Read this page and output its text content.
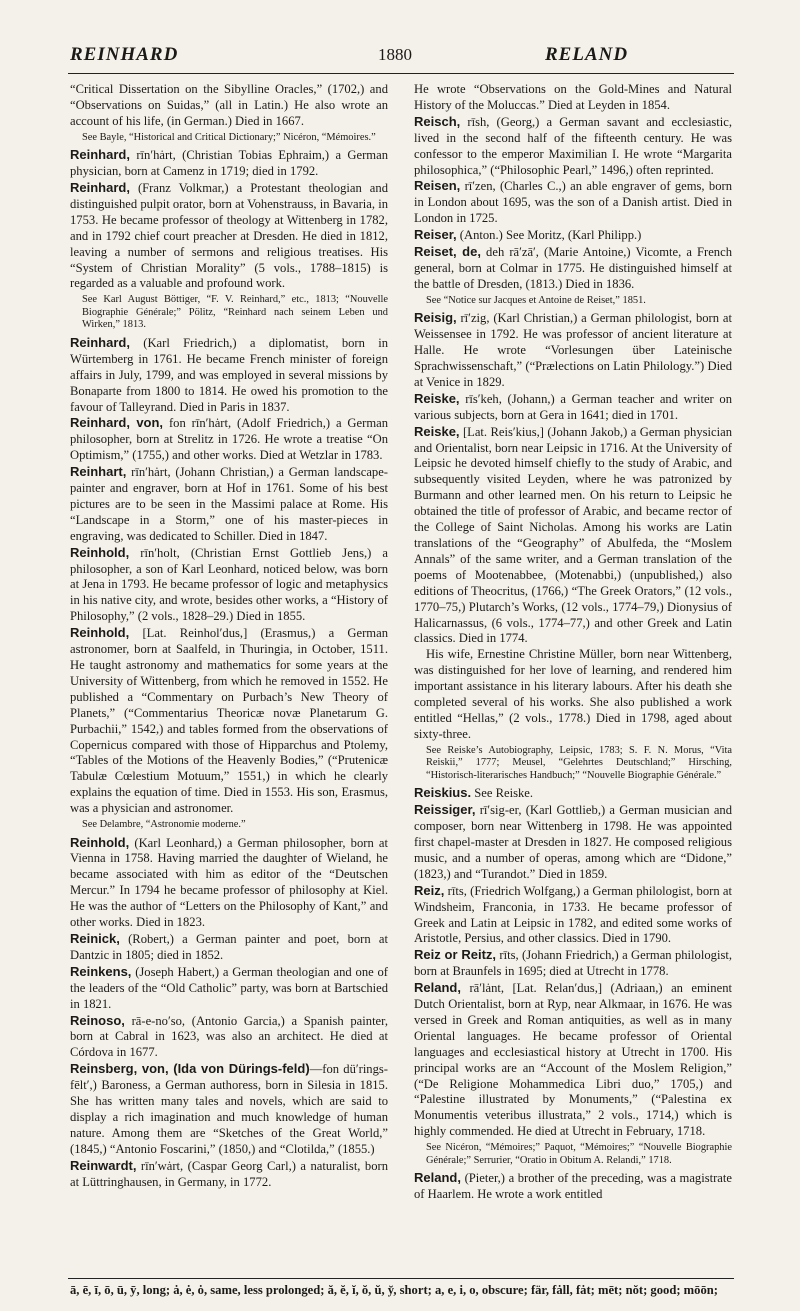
REINHARD	1880	RELAND

“Critical Dissertation on the Sibylline Oracles,” (1702,) and “Observations on Suidas,” (all in Latin.) He also wrote an account of his life, (in German.) Died in 1667.

See Bayle, “Historical and Critical Dictionary;” Nicéron, “Mémoires.”

Reinhard, rīn′hȧrt, (Christian Tobias Ephraim,) a German physician, born at Camenz in 1719; died in 1792.

Reinhard, (Franz Volkmar,) a Protestant theologian and distinguished pulpit orator, born at Vohenstrauss, in Bavaria, in 1753. He became professor of theology at Wittenberg in 1782, and in 1792 chief court preacher at Dresden. He died in 1812, leaving a number of sermons and religious treatises. His “System of Christian Morality” (5 vols., 1788–1815) is regarded as a valuable and profound work.

See Karl August Böttiger, “F. V. Reinhard,” etc., 1813; “Nouvelle Biographie Générale;” Pölitz, “Reinhard nach seinem Leben und Wirken,” 1813.

Reinhard, (Karl Friedrich,) a diplomatist, born in Würtemberg in 1761. He became French minister of foreign affairs in July, 1799, and was employed in several missions by Bonaparte from 1800 to 1814. He owed his promotion to the favour of Talleyrand. Died in Paris in 1837.

Reinhard, von, fon rīn′hȧrt, (Adolf Friedrich,) a German philosopher, born at Strelitz in 1726. He wrote a treatise “On Optimism,” (1755,) and other works. Died at Wetzlar in 1783.

Reinhart, rīn′hȧrt, (Johann Christian,) a German landscape-painter and engraver, born at Hof in 1761. Some of his best pictures are to be seen in the Massimi palace at Rome. His “Landscape in a Storm,” one of his master-pieces in engraving, was dedicated to Schiller. Died in 1847.

Reinhold, rīn′holt, (Christian Ernst Gottlieb Jens,) a philosopher, a son of Karl Leonhard, noticed below, was born at Jena in 1793. He became professor of logic and metaphysics in his native city, and wrote, besides other works, a “History of Philosophy,” (2 vols., 1828–29.) Died in 1855.

Reinhold, [Lat. Reinhol′dus,] (Erasmus,) a German astronomer, born at Saalfeld, in Thuringia, in October, 1511. He taught astronomy and mathematics for some years at the University of Wittenberg, from which he removed in 1552. He published a “Commentary on Purbach’s New Theory of Planets,” (“Commentarius Theoricæ novæ Planetarum G. Purbachii,” 1542,) and tables formed from the observations of Copernicus compared with those of Hipparchus and Ptolemy, “Tables of the Motions of the Heavenly Bodies,” (“Prutenicæ Tabulæ Cœlestium Motuum,” 1551,) in which he clearly explains the equation of time. Died in 1553. His son, Erasmus, was a physician and astronomer.

See Delambre, “Astronomie moderne.”

Reinhold, (Karl Leonhard,) a German philosopher, born at Vienna in 1758. Having married the daughter of Wieland, he became associated with him as editor of the “Deutschen Mercur.” In 1794 he became professor of philosophy at Kiel. He was the author of “Letters on the Philosophy of Kant,” and other works. Died in 1823.

Reinick, (Robert,) a German painter and poet, born at Dantzic in 1805; died in 1852.

Reinkens, (Joseph Habert,) a German theologian and one of the leaders of the “Old Catholic” party, was born at Bartschied in 1821.

Reinoso, rā-e-no′so, (Antonio Garcia,) a Spanish painter, born at Cabral in 1623, was also an architect. He died at Córdova in 1677.

Reinsberg, von, (Ida von Dürings-feld)—fon dü′rings-fēlt′,) Baroness, a German authoress, born in Silesia in 1815. She has written many tales and novels, which are said to display a rich imagination and much knowledge of human nature. Among them are “Sketches of the Great World,” (1845,) “Antonio Foscarini,” (1850,) and “Clotilda,” (1855.)

Reinwardt, rīn′wȧrt, (Caspar Georg Carl,) a naturalist, born at Lüttringhausen, in Germany, in 1772.

He wrote “Observations on the Gold-Mines and Natural History of the Moluccas.” Died at Leyden in 1854.

Reisch, rīsh, (Georg,) a German savant and ecclesiastic, lived in the second half of the fifteenth century. He was confessor to the emperor Maximilian I. He wrote “Margarita philosophica,” (“Philosophic Pearl,” 1496,) often reprinted.

Reisen, rī′zen, (Charles C.,) an able engraver of gems, born in London about 1695, was the son of a Danish artist. Died in London in 1725.

Reiser, (Anton.) See Moritz, (Karl Philipp.)

Reiset, de, deh rā′zā′, (Marie Antoine,) Vicomte, a French general, born at Colmar in 1775. He distinguished himself at the battle of Dresden, (1813.) Died in 1836.

See “Notice sur Jacques et Antoine de Reiset,” 1851.

Reisig, rī′zig, (Karl Christian,) a German philologist, born at Weissensee in 1792. He was professor of ancient literature at Halle. He wrote “Vorlesungen über Lateinische Sprachwissenschaft,” (“Prælections on Latin Philology.”) Died at Venice in 1829.

Reiske, rīs′keh, (Johann,) a German teacher and writer on various subjects, born at Gera in 1641; died in 1701.

Reiske, [Lat. Reis′kius,] (Johann Jakob,) a German physician and Orientalist, born near Leipsic in 1716. At the University of Leipsic he devoted himself chiefly to the study of Arabic, and subsequently visited Leyden, where he was patronized by Burmann and other learned men. On his return to Leipsic he obtained the title of professor of Arabic, and became rector of the College of Saint Nicholas. Among his works are Latin translations of the “Geography” of Abulfeda, the “Moslem Annals” of the same writer, and a German translation of the poems of Mootenabbee, (Motenabbi,) (unpublished,) also editions of Theocritus, (1766,) “The Greek Orators,” (12 vols., 1770–75,) Plutarch’s Works, (12 vols., 1774–79,) Dionysius of Halicarnassus, (6 vols., 1774–77,) and other Greek and Latin classics. Died in 1774.

His wife, Ernestine Christine Müller, born near Wittenberg, was distinguished for her love of learning, and rendered him important assistance in his literary labours. After his death she completed several of his works. She also published a work entitled “Hellas,” (2 vols., 1778.) Died in 1798, aged about sixty-three.

See Reiske’s Autobiography, Leipsic, 1783; S. F. N. Morus, “Vita Reiskii,” 1777; Meusel, “Gelehrtes Deutschland;” Hirsching, “Historisch-literarisches Handbuch;” “Nouvelle Biographie Générale.”

Reiskius. See Reiske.

Reissiger, rī′sig-er, (Karl Gottlieb,) a German musician and composer, born near Wittenberg in 1798. He was appointed first chapel-master at Dresden in 1827. He composed religious music, and a number of operas, among which are “Didone,” (1823,) and “Turandot.” Died in 1859.

Reiz, rīts, (Friedrich Wolfgang,) a German philologist, born at Windsheim, Franconia, in 1733. He became professor of Greek and Latin at Leipsic in 1782, and edited some works of Aristotle, Persius, and other classics. Died in 1790.

Reiz or Reitz, rīts, (Johann Friedrich,) a German philologist, born at Braunfels in 1695; died at Utrecht in 1778.

Reland, rā′lȧnt, [Lat. Relan′dus,] (Adriaan,) an eminent Dutch Orientalist, born at Ryp, near Alkmaar, in 1676. He was versed in Greek and Roman antiquities, as well as in many Oriental languages. He became professor of Oriental languages and ecclesiastical history at Utrecht in 1700. His principal works are an “Account of the Moslem Religion,” (“De Religione Mohammedica Libri duo,” 1705,) and “Palestine illustrated by Monuments,” (“Palestina ex Monumentis veteribus illustrata,” 2 vols., 1714,) which is highly commended. He died at Utrecht in February, 1718.

See Nicéron, “Mémoires;” Paquot, “Mémoires;” “Nouvelle Biographie Générale;” Serrurier, “Oratio in Obitum A. Relandi,” 1718.

Reland, (Pieter,) a brother of the preceding, was a magistrate of Haarlem. He wrote a work entitled

ā, ē, ī, ō, ū, ȳ, long; ȧ, ė, ȯ, same, less prolonged; ă, ĕ, ĭ, ŏ, ŭ, y̆, short; a, e, i, o, obscure; fär, fȧll, fȧt; mēt; nŏt; good; mōōn;
